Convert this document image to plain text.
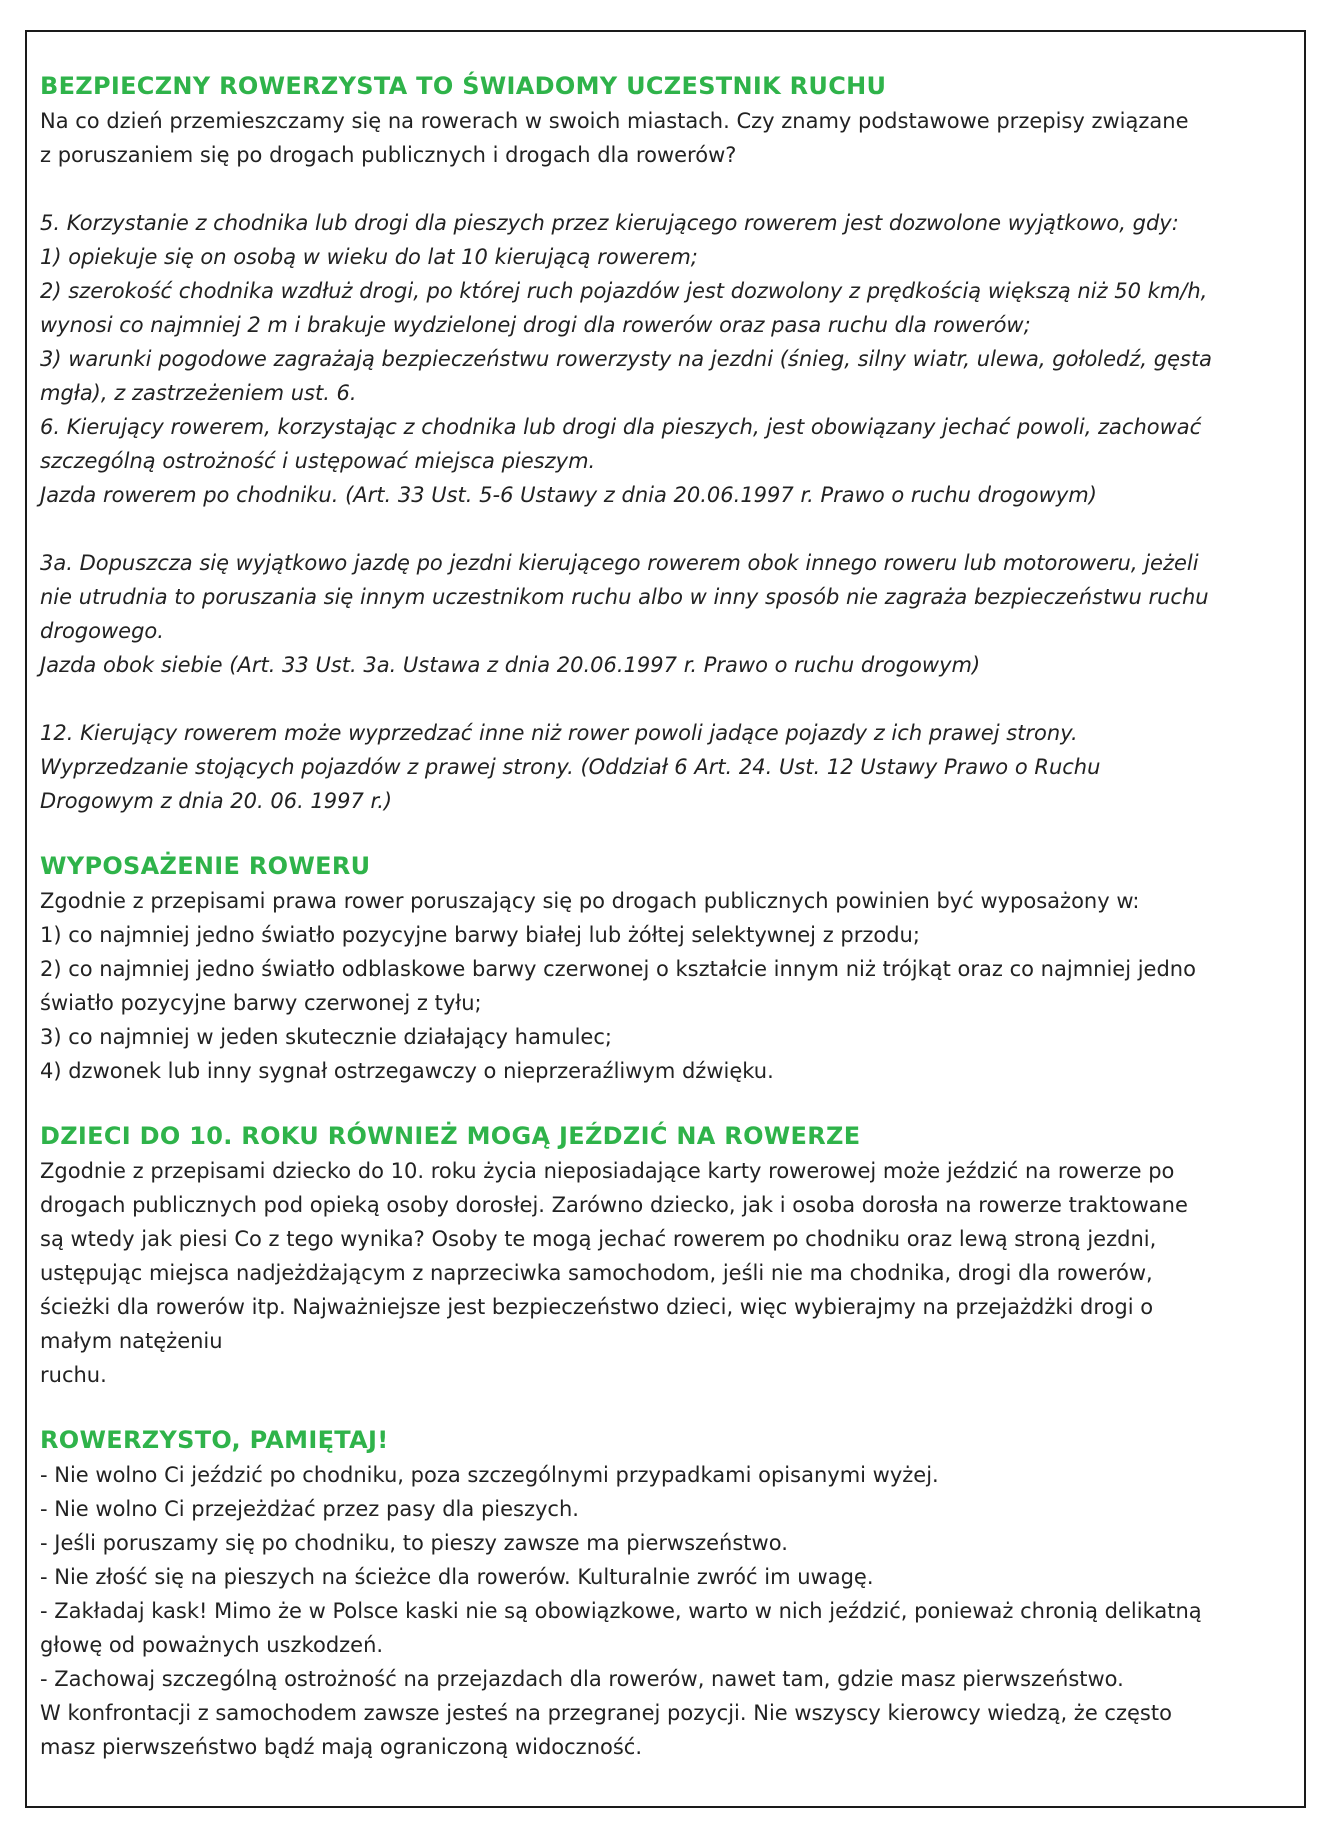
BEZPIECZNY ROWERZYSTA TO ŚWIADOMY UCZESTNIK RUCHU

Na co dzień przemieszczamy się na rowerach w swoich miastach. Czy znamy podstawowe przepisy związane

z poruszaniem się po drogach publicznych i drogach dla rowerów?

5. Korzystanie z chodnika lub drogi dla pieszych przez kierującego rowerem jest dozwolone wyjątkowo, gdy:

1) opiekuje się on osobą w wieku do lat 10 kierującą rowerem;

2) szerokość chodnika wzdłuż drogi, po której ruch pojazdów jest dozwolony z prędkością większą niż 50 km/h,

wynosi co najmniej 2 m i brakuje wydzielonej drogi dla rowerów oraz pasa ruchu dla rowerów;

3) warunki pogodowe zagrażają bezpieczeństwu rowerzysty na jezdni (śnieg, silny wiatr, ulewa, gołoledź, gęsta

mgła), z zastrzeżeniem ust. 6.

6. Kierujący rowerem, korzystając z chodnika lub drogi dla pieszych, jest obowiązany jechać powoli, zachować

szczególną ostrożność i ustępować miejsca pieszym.

Jazda rowerem po chodniku. (Art. 33 Ust. 5-6 Ustawy z dnia 20.06.1997 r. Prawo o ruchu drogowym)

3a. Dopuszcza się wyjątkowo jazdę po jezdni kierującego rowerem obok innego roweru lub motoroweru, jeżeli

nie utrudnia to poruszania się innym uczestnikom ruchu albo w inny sposób nie zagraża bezpieczeństwu ruchu

drogowego.

Jazda obok siebie (Art. 33 Ust. 3a. Ustawa z dnia 20.06.1997 r. Prawo o ruchu drogowym)

12. Kierujący rowerem może wyprzedzać inne niż rower powoli jadące pojazdy z ich prawej strony.

Wyprzedzanie stojących pojazdów z prawej strony. (Oddział 6 Art. 24. Ust. 12 Ustawy Prawo o Ruchu

Drogowym z dnia 20. 06. 1997 r.)

WYPOSAŻENIE ROWERU

Zgodnie z przepisami prawa rower poruszający się po drogach publicznych powinien być wyposażony w:

1) co najmniej jedno światło pozycyjne barwy białej lub żółtej selektywnej z przodu;

2) co najmniej jedno światło odblaskowe barwy czerwonej o kształcie innym niż trójkąt oraz co najmniej jedno

światło pozycyjne barwy czerwonej z tyłu;

3) co najmniej w jeden skutecznie działający hamulec;

4) dzwonek lub inny sygnał ostrzegawczy o nieprzeraźliwym dźwięku.

DZIECI DO 10. ROKU RÓWNIEŻ MOGĄ JEŹDZIĆ NA ROWERZE

Zgodnie z przepisami dziecko do 10. roku życia nieposiadające karty rowerowej może jeździć na rowerze po

drogach publicznych pod opieką osoby dorosłej. Zarówno dziecko, jak i osoba dorosła na rowerze traktowane

są wtedy jak piesi Co z tego wynika? Osoby te mogą jechać rowerem po chodniku oraz lewą stroną jezdni,

ustępując miejsca nadjeżdżającym z naprzeciwka samochodom, jeśli nie ma chodnika, drogi dla rowerów,

ścieżki dla rowerów itp. Najważniejsze jest bezpieczeństwo dzieci, więc wybierajmy na przejażdżki drogi o

małym natężeniu

ruchu.

ROWERZYSTO, PAMIĘTAJ!

- Nie wolno Ci jeździć po chodniku, poza szczególnymi przypadkami opisanymi wyżej.

- Nie wolno Ci przejeżdżać przez pasy dla pieszych.

- Jeśli poruszamy się po chodniku, to pieszy zawsze ma pierwszeństwo.

- Nie złość się na pieszych na ścieżce dla rowerów. Kulturalnie zwróć im uwagę.

- Zakładaj kask! Mimo że w Polsce kaski nie są obowiązkowe, warto w nich jeździć, ponieważ chronią delikatną

głowę od poważnych uszkodzeń.

- Zachowaj szczególną ostrożność na przejazdach dla rowerów, nawet tam, gdzie masz pierwszeństwo.

W konfrontacji z samochodem zawsze jesteś na przegranej pozycji. Nie wszyscy kierowcy wiedzą, że często

masz pierwszeństwo bądź mają ograniczoną widoczność.
